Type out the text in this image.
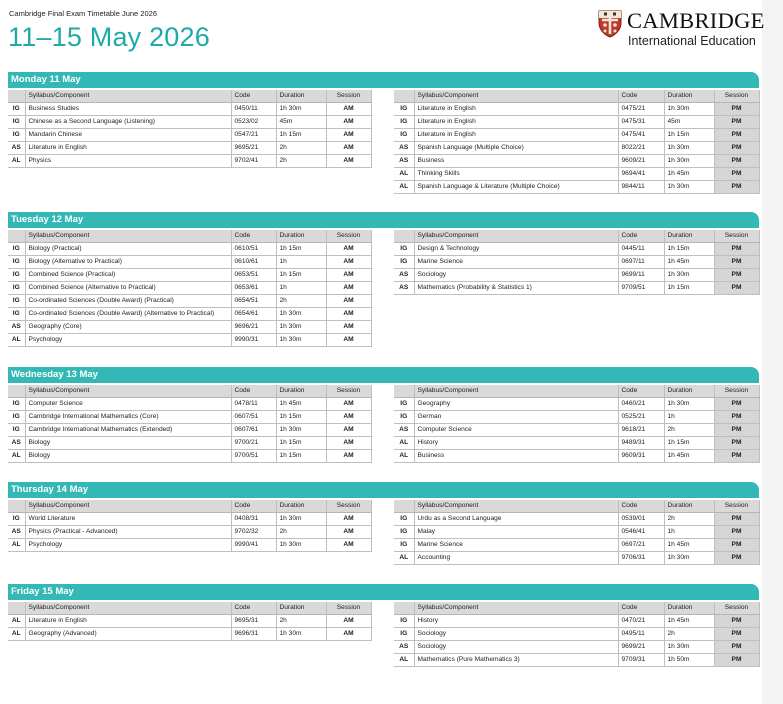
Cambridge Final Exam Timetable June 2026
11–15 May 2026
CAMBRIDGE
International Education
Monday 11 May
	Syllabus/Component	Code	Duration	Session
IG	Business Studies	0450/11	1h 30m	AM
IG	Chinese as a Second Language (Listening)	0523/02	45m	AM
IG	Mandarin Chinese	0547/21	1h 15m	AM
AS	Literature in English	9695/21	2h	AM
AL	Physics	9702/41	2h	AM
	Syllabus/Component	Code	Duration	Session
IG	Literature in English	0475/21	1h 30m	PM
IG	Literature in English	0475/31	45m	PM
IG	Literature in English	0475/41	1h 15m	PM
AS	Spanish Language (Multiple Choice)	8022/21	1h 30m	PM
AS	Business	9609/21	1h 30m	PM
AL	Thinking Skills	9694/41	1h 45m	PM
AL	Spanish Language & Literature (Multiple Choice)	9844/11	1h 30m	PM
Tuesday 12 May
	Syllabus/Component	Code	Duration	Session
IG	Biology (Practical)	0610/51	1h 15m	AM
IG	Biology (Alternative to Practical)	0610/61	1h	AM
IG	Combined Science (Practical)	0653/51	1h 15m	AM
IG	Combined Science (Alternative to Practical)	0653/61	1h	AM
IG	Co-ordinated Sciences (Double Award) (Practical)	0654/51	2h	AM
IG	Co-ordinated Sciences (Double Award) (Alternative to Practical)	0654/61	1h 30m	AM
AS	Geography (Core)	9696/21	1h 30m	AM
AL	Psychology	9990/31	1h 30m	AM
	Syllabus/Component	Code	Duration	Session
IG	Design & Technology	0445/11	1h 15m	PM
IG	Marine Science	0697/11	1h 45m	PM
AS	Sociology	9699/11	1h 30m	PM
AS	Mathematics (Probability & Statistics 1)	9709/51	1h 15m	PM
Wednesday 13 May
	Syllabus/Component	Code	Duration	Session
IG	Computer Science	0478/11	1h 45m	AM
IG	Cambridge International Mathematics (Core)	0607/51	1h 15m	AM
IG	Cambridge International Mathematics (Extended)	0607/61	1h 30m	AM
AS	Biology	9700/21	1h 15m	AM
AL	Biology	9700/51	1h 15m	AM
	Syllabus/Component	Code	Duration	Session
IG	Geography	0460/21	1h 30m	PM
IG	German	0525/21	1h	PM
AS	Computer Science	9618/21	2h	PM
AL	History	9489/31	1h 15m	PM
AL	Business	9609/31	1h 45m	PM
Thursday 14 May
	Syllabus/Component	Code	Duration	Session
IG	World Literature	0408/31	1h 30m	AM
AS	Physics (Practical - Advanced)	9702/32	2h	AM
AL	Psychology	9990/41	1h 30m	AM
	Syllabus/Component	Code	Duration	Session
IG	Urdu as a Second Language	0539/01	2h	PM
IG	Malay	0546/41	1h	PM
IG	Marine Science	0697/21	1h 45m	PM
AL	Accounting	9706/31	1h 30m	PM
Friday 15 May
	Syllabus/Component	Code	Duration	Session
AL	Literature in English	9695/31	2h	AM
AL	Geography (Advanced)	9696/31	1h 30m	AM
	Syllabus/Component	Code	Duration	Session
IG	History	0470/21	1h 45m	PM
IG	Sociology	0495/11	2h	PM
AS	Sociology	9699/21	1h 30m	PM
AL	Mathematics (Pure Mathematics 3)	9709/31	1h 50m	PM
